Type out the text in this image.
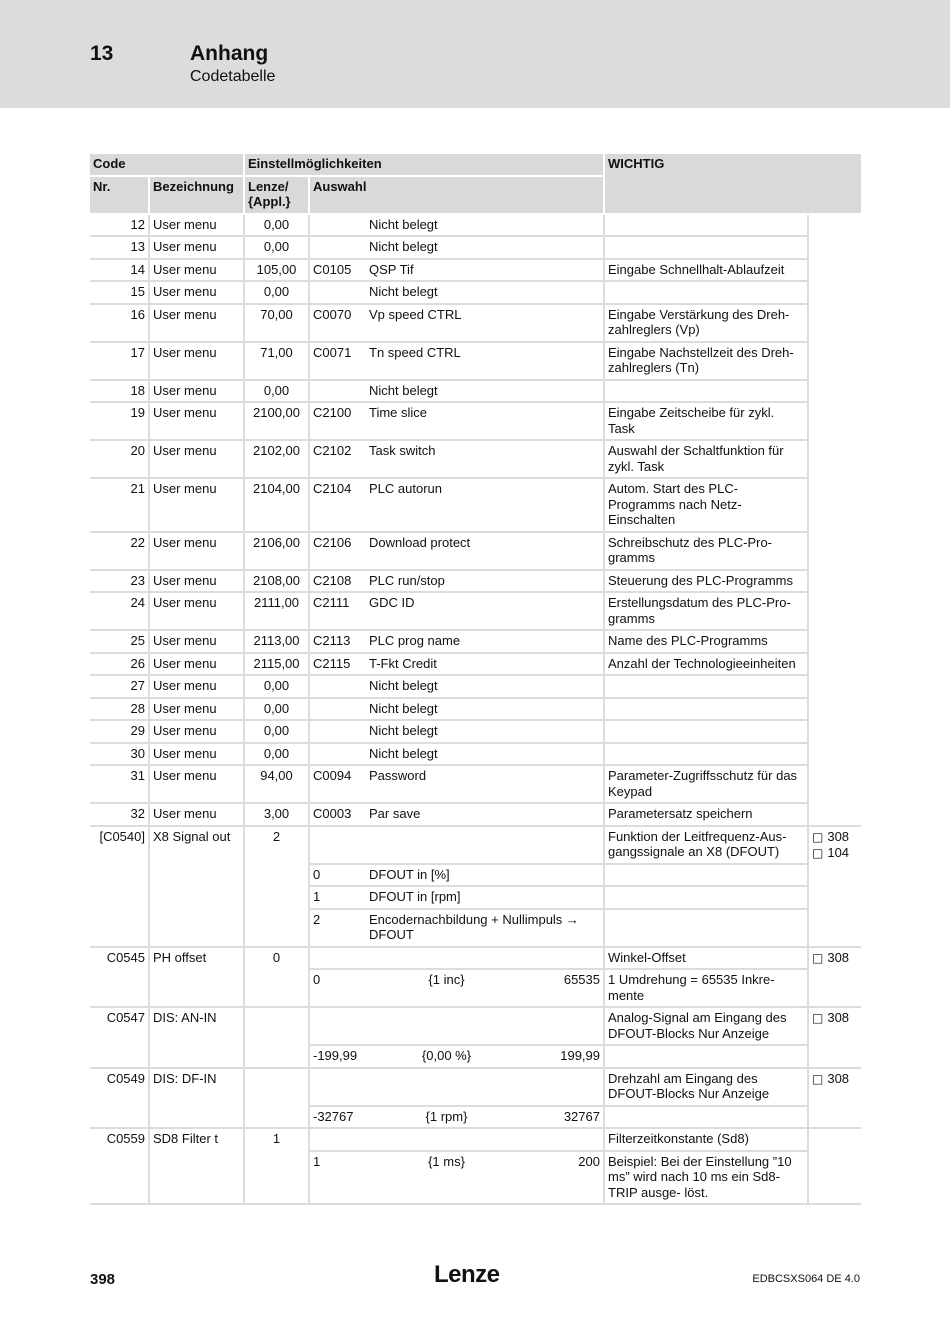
13	Anhang
Codetabelle
Code		Einstellmöglichkeiten			WICHTIG	
Nr.	Bezeichnung	Lenze/
{Appl.}	Auswahl			
12	User menu	0,00		Nicht belegt		
13	User menu	0,00		Nicht belegt		
14	User menu	105,00	C0105	QSP Tif	Eingabe Schnellhalt-Ablaufzeit	
15	User menu	0,00		Nicht belegt		
16	User menu	70,00	C0070	Vp speed CTRL	Eingabe Verstärkung des Dreh- zahlreglers (Vp)	
17	User menu	71,00	C0071	Tn speed CTRL	Eingabe Nachstellzeit des Dreh- zahlreglers (Tn)	
18	User menu	0,00		Nicht belegt		
19	User menu	2100,00	C2100	Time slice	Eingabe Zeitscheibe für zykl. Task	
20	User menu	2102,00	C2102	Task switch	Auswahl der Schaltfunktion für zykl. Task	
21	User menu	2104,00	C2104	PLC autorun	Autom. Start des PLC-Programms nach Netz-Einschalten	
22	User menu	2106,00	C2106	Download protect	Schreibschutz des PLC-Pro- gramms	
23	User menu	2108,00	C2108	PLC run/stop	Steuerung des PLC-Programms	
24	User menu	2111,00	C2111	GDC ID	Erstellungsdatum des PLC-Pro- gramms	
25	User menu	2113,00	C2113	PLC prog name	Name des PLC-Programms	
26	User menu	2115,00	C2115	T-Fkt Credit	Anzahl der Technologieeinheiten	
27	User menu	0,00		Nicht belegt		
28	User menu	0,00		Nicht belegt		
29	User menu	0,00		Nicht belegt		
30	User menu	0,00		Nicht belegt		
31	User menu	94,00	C0094	Password	Parameter-Zugriffsschutz für das Keypad	
32	User menu	3,00	C0003	Par save	Parametersatz speichern	
[C0540]	X8 Signal out	2			Funktion der Leitfrequenz-Aus- gangssignale an X8 (DFOUT)	□ 308
□ 104

			0	DFOUT in [%]		
			1	DFOUT in [rpm]		
			2	Encodernachbildung + Nullimpuls → DFOUT		
C0545	PH offset	0			Winkel-Offset	□ 308

			0 {1 inc} 65535		1 Umdrehung = 65535 Inkre- mente	
C0547	DIS: AN-IN				Analog-Signal am Eingang des DFOUT-Blocks Nur Anzeige	□ 308

			-199,99 {0,00 %} 199,99			

C0549	DIS: DF-IN				Drehzahl am Eingang des DFOUT-Blocks Nur Anzeige	□ 308

			-32767 {1 rpm} 32767			

C0559	SD8 Filter t	1			Filterzeitkonstante (Sd8)	

			1 {1 ms} 200		Beispiel: Bei der Einstellung ”10 ms” wird nach 10 ms ein Sd8-TRIP ausge- löst.	
398	Lenze	EDBCSXS064 DE 4.0
